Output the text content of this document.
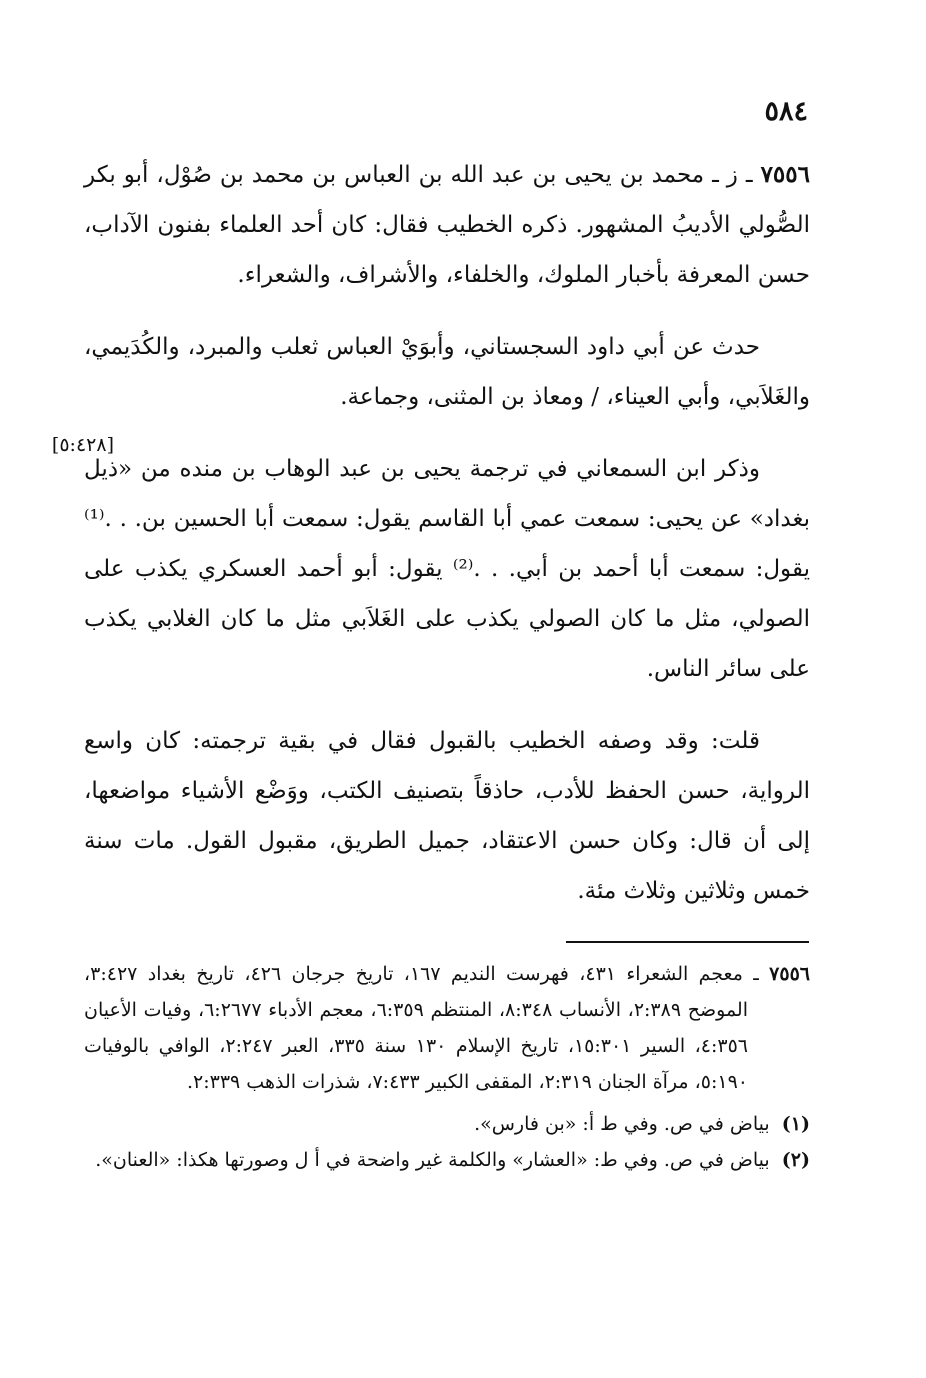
٥٨٤

٧٥٥٦ ـ ز ـ محمد بن يحيى بن عبد الله بن العباس بن محمد بن صُوْل، أبو بكر الصُّولي الأديبُ المشهور. ذكره الخطيب فقال: كان أحد العلماء بفنون الآداب، حسن المعرفة بأخبار الملوك، والخلفاء، والأشراف، والشعراء.

حدث عن أبي داود السجستاني، وأبوَيْ العباس ثعلب والمبرد، والكُدَيمي، والغَلاَبي، وأبي العيناء، / ومعاذ بن المثنى، وجماعة.

وذكر ابن السمعاني في ترجمة يحيى بن عبد الوهاب بن منده من «ذيل بغداد» عن يحيى: سمعت عمي أبا القاسم يقول: سمعت أبا الحسين بن. . .⁽¹⁾ يقول: سمعت أبا أحمد بن أبي. . .⁽²⁾ يقول: أبو أحمد العسكري يكذب على الصولي، مثل ما كان الصولي يكذب على الغَلاَبي مثل ما كان الغلابي يكذب على سائر الناس.

قلت: وقد وصفه الخطيب بالقبول فقال في بقية ترجمته: كان واسع الرواية، حسن الحفظ للأدب، حاذقاً بتصنيف الكتب، ووَضْع الأشياء مواضعها، إلى أن قال: وكان حسن الاعتقاد، جميل الطريق، مقبول القول. مات سنة خمس وثلاثين وثلاث مئة.

[٥:٤٢٨]

٧٥٥٦ ـ معجم الشعراء ٤٣١، فهرست النديم ١٦٧، تاريخ جرجان ٤٢٦، تاريخ بغداد ٣:٤٢٧، الموضح ٢:٣٨٩، الأنساب ٨:٣٤٨، المنتظم ٦:٣٥٩، معجم الأدباء ٦:٢٦٧٧، وفيات الأعيان ٤:٣٥٦، السير ١٥:٣٠١، تاريخ الإسلام ١٣٠ سنة ٣٣٥، العبر ٢:٢٤٧، الوافي بالوفيات ٥:١٩٠، مرآة الجنان ٢:٣١٩، المقفى الكبير ٧:٤٣٣، شذرات الذهب ٢:٣٣٩.

(١)  بياض في ص. وفي ط أ: «بن فارس».

(٢)  بياض في ص. وفي ط: «العشار» والكلمة غير واضحة في أ ل وصورتها هكذا: «العنان».
